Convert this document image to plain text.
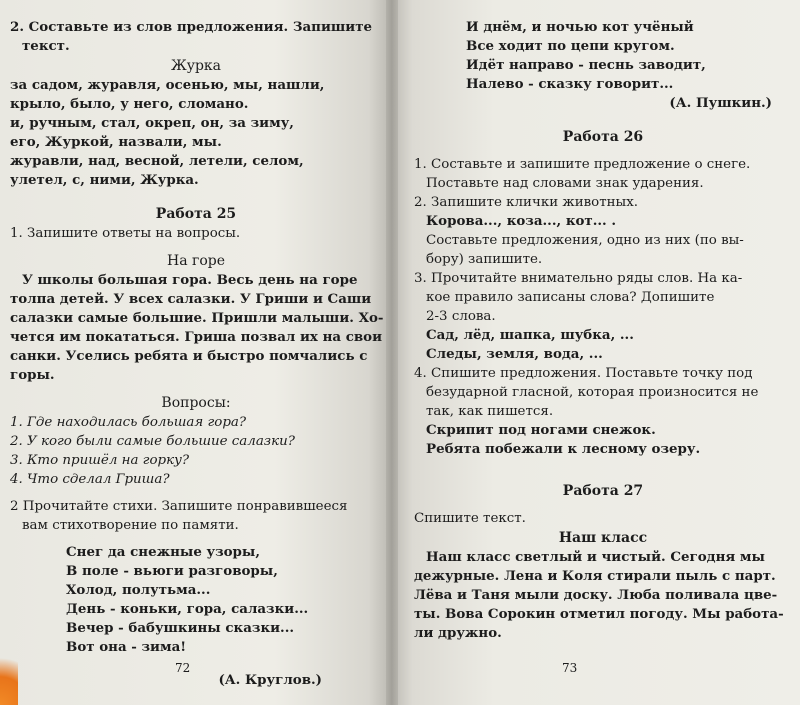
2. Составьте из слов предложения. Запишите

текст.

Журка

за садом, журавля, осенью, мы, нашли,

крыло, было, у него, сломано.

и, ручным, стал, окреп, он, за зиму,

его, Журкой, назвали, мы.

журавли, над, весной, летели, селом,

улетел, с, ними, Журка.

Работа 25

1. Запишите ответы на вопросы.

На горе

У школы большая гора. Весь день на горе

толпа детей. У всех салазки. У Гриши и Саши

салазки самые большие. Пришли малыши. Хо-

чется им покататься. Гриша позвал их на свои

санки. Уселись ребята и быстро помчались с

горы.

Вопросы:

1. Где находилась большая гора?

2. У кого были самые большие салазки?

3. Кто пришёл на горку?

4. Что сделал Гриша?

2 Прочитайте стихи. Запишите понравившееся

вам стихотворение по памяти.

Снег да снежные узоры,

В поле - вьюги разговоры,

Холод, полутьма...

День - коньки, гора, салазки...

Вечер - бабушкины сказки...

Вот она - зима!

(А. Круглов.)

72

И днём, и ночью кот учёный

Все ходит по цепи кругом.

Идёт направо - песнь заводит,

Налево - сказку говорит...

(А. Пушкин.)

Работа 26

1. Составьте и запишите предложение о снеге.

Поставьте над словами знак ударения.

2. Запишите клички животных.

Корова..., коза..., кот... .

Составьте предложения, одно из них (по вы-

бору) запишите.

3. Прочитайте внимательно ряды слов. На ка-

кое правило записаны слова? Допишите

2-3 слова.

Сад, лёд, шапка, шубка, ...

Следы, земля, вода, ...

4. Спишите предложения. Поставьте точку под

безударной гласной, которая произносится не

так, как пишется.

Скрипит под ногами снежок.

Ребята побежали к лесному озеру.

Работа 27

Спишите текст.

Наш класс

Наш класс светлый и чистый. Сегодня мы

дежурные. Лена и Коля стирали пыль с парт.

Лёва и Таня мыли доску. Люба поливала цве-

ты. Вова Сорокин отметил погоду. Мы работа-

ли дружно.

73
